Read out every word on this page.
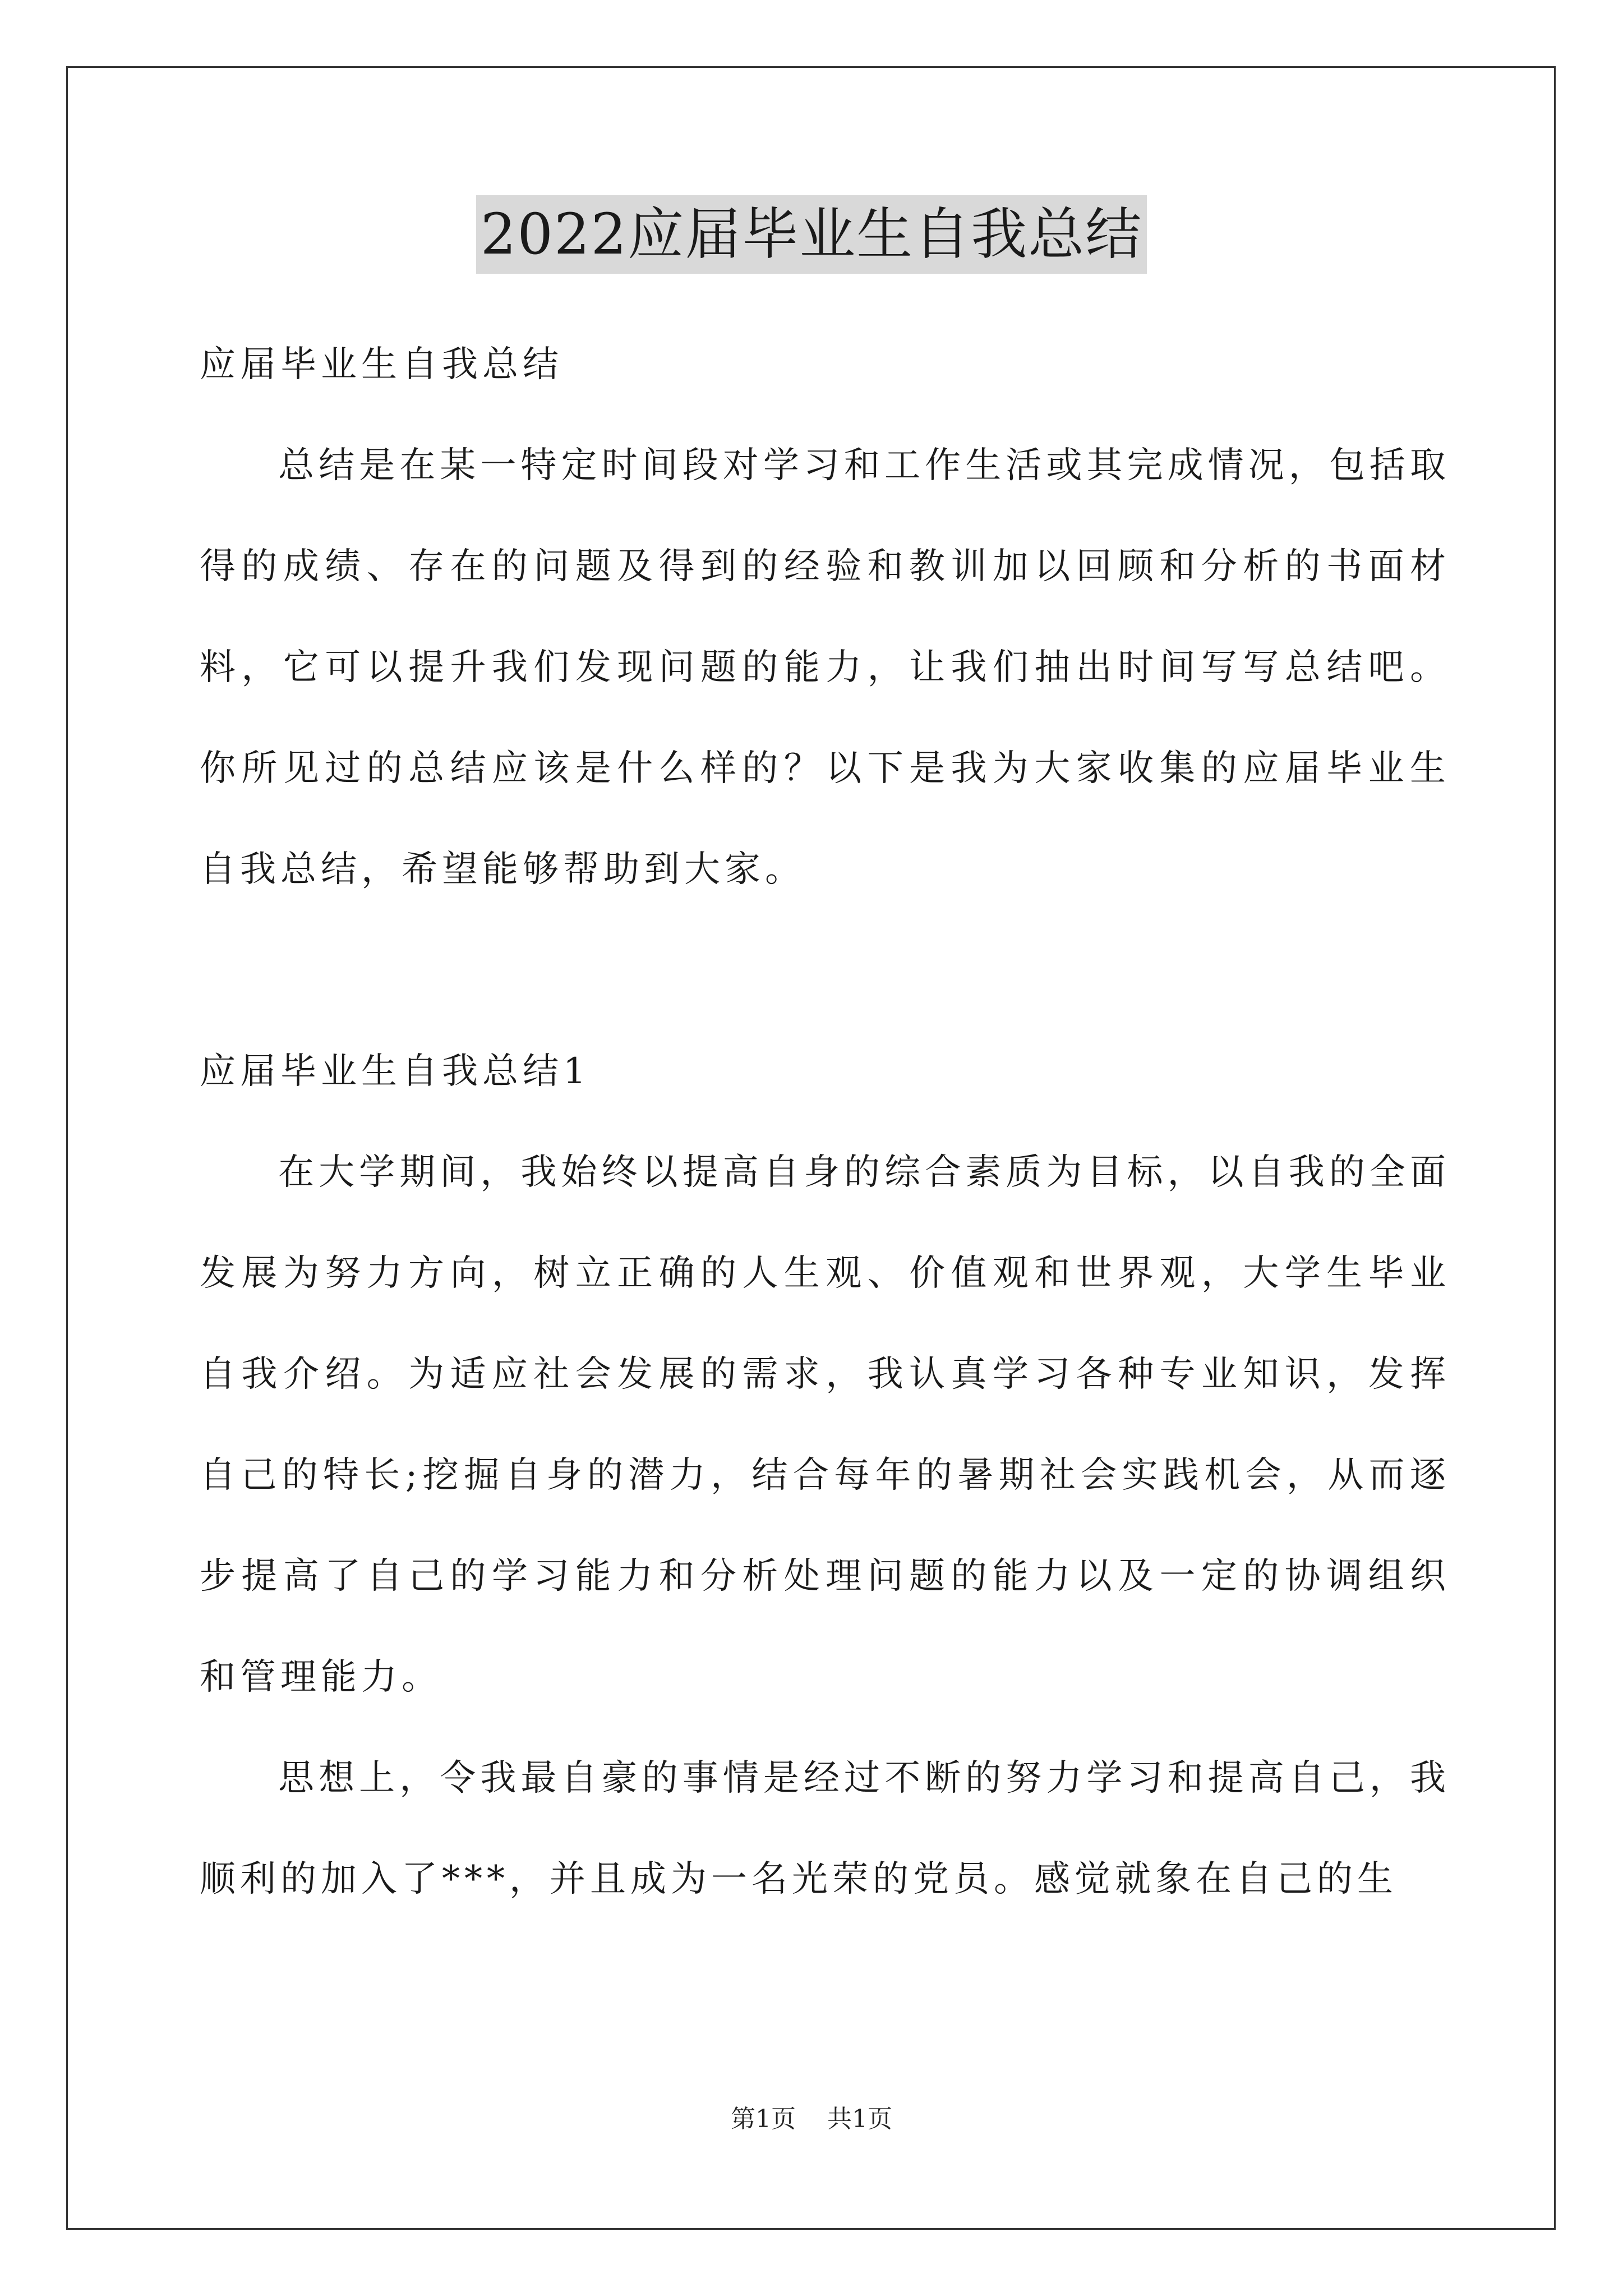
2022应届毕业生自我总结

应届毕业生自我总结

总结是在某一特定时间段对学习和工作生活或其完成情况，包括取得的成绩、存在的问题及得到的经验和教训加以回顾和分析的书面材料，它可以提升我们发现问题的能力，让我们抽出时间写写总结吧。你所见过的总结应该是什么样的？以下是我为大家收集的应届毕业生自我总结，希望能够帮助到大家。

应届毕业生自我总结1

在大学期间，我始终以提高自身的综合素质为目标，以自我的全面发展为努力方向，树立正确的人生观、价值观和世界观，大学生毕业自我介绍。为适应社会发展的需求，我认真学习各种专业知识，发挥自己的特长;挖掘自身的潜力，结合每年的暑期社会实践机会，从而逐步提高了自己的学习能力和分析处理问题的能力以及一定的协调组织和管理能力。

思想上，令我最自豪的事情是经过不断的努力学习和提高自己，我顺利的加入了***，并且成为一名光荣的党员。感觉就象在自己的生

第1页 共1页
